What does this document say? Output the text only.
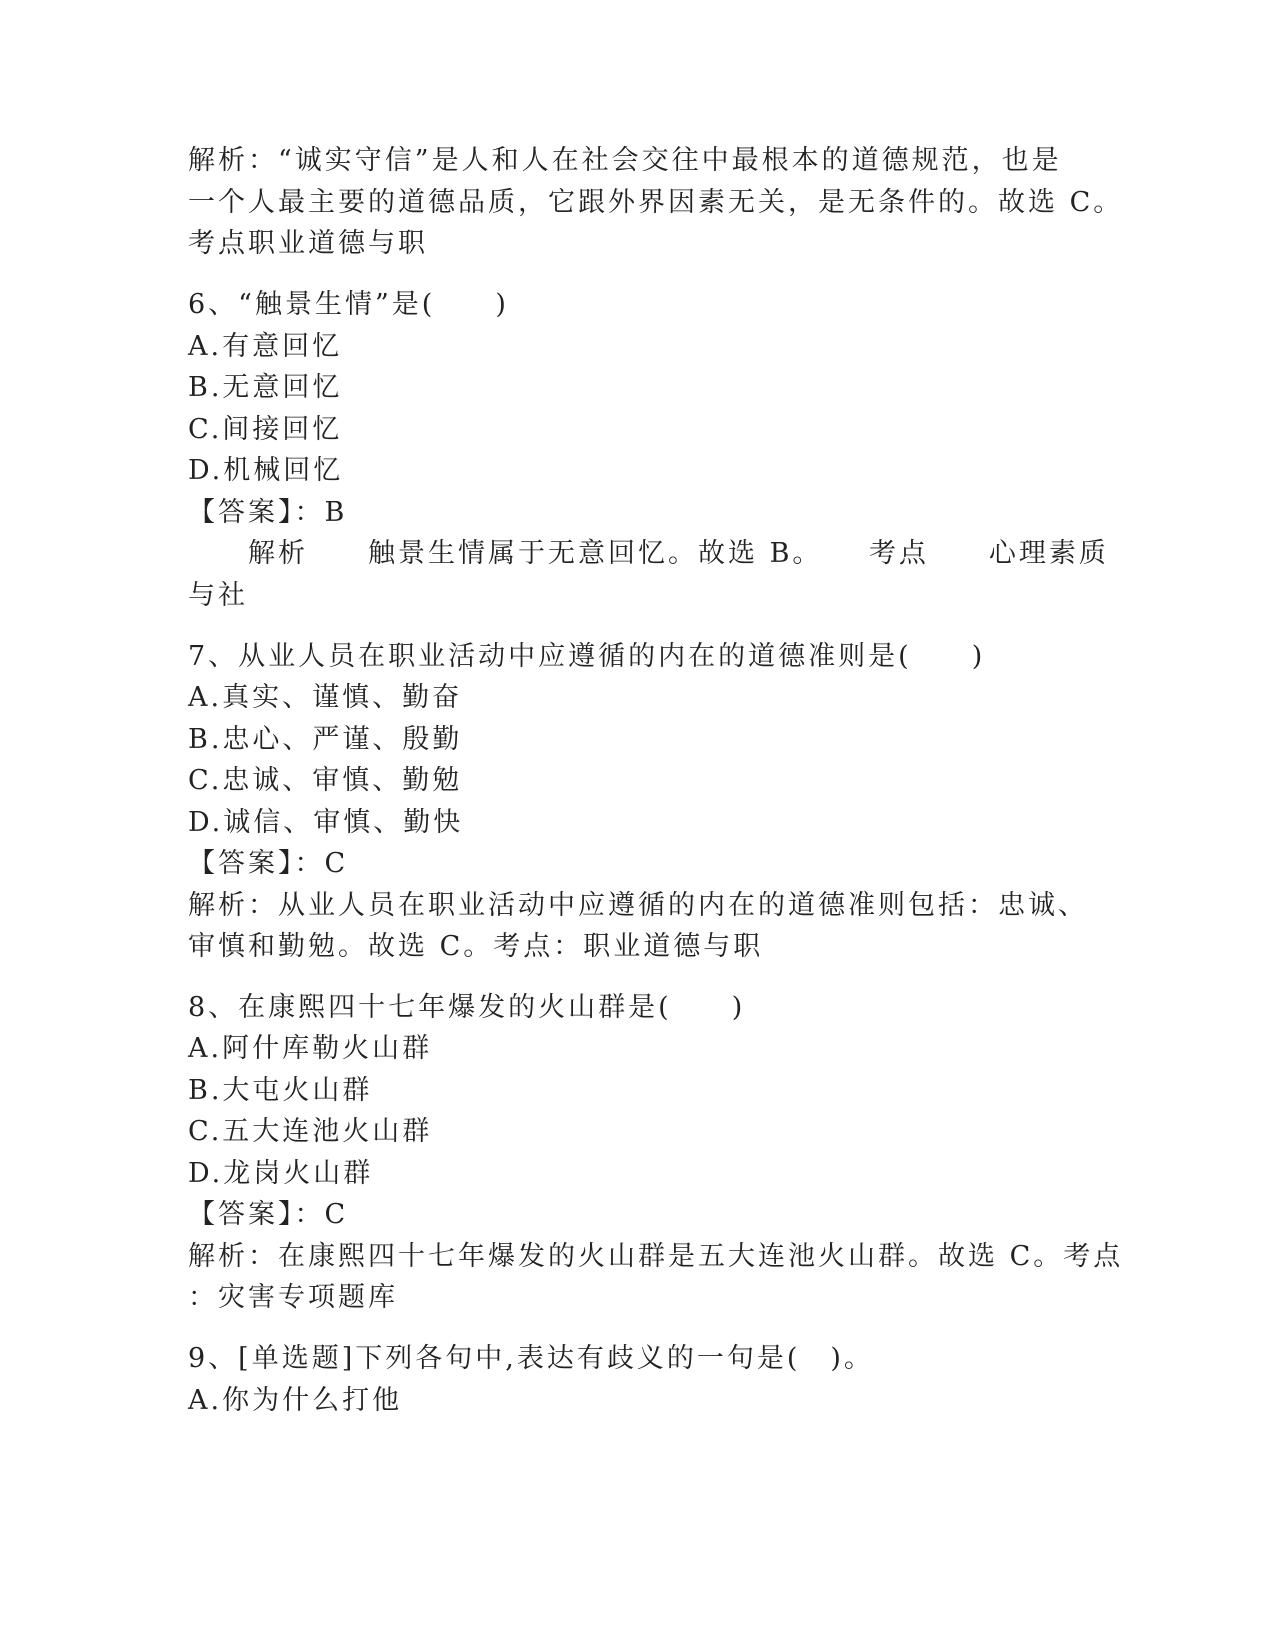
解析：“诚实守信”是人和人在社会交往中最根本的道德规范，也是
一个人最主要的道德品质，它跟外界因素无关，是无条件的。故选 C。
考点职业道德与职
6、“触景生情”是(　　)
A.有意回忆
B.无意回忆
C.间接回忆
D.机械回忆
【答案】：B
　　解析　　触景生情属于无意回忆。故选 B。　　考点　　心理素质
与社
7、从业人员在职业活动中应遵循的内在的道德准则是(　　)
A.真实、谨慎、勤奋
B.忠心、严谨、殷勤
C.忠诚、审慎、勤勉
D.诚信、审慎、勤快
【答案】：C
解析：从业人员在职业活动中应遵循的内在的道德准则包括：忠诚、
审慎和勤勉。故选 C。考点：职业道德与职
8、在康熙四十七年爆发的火山群是(　　)
A.阿什库勒火山群
B.大屯火山群
C.五大连池火山群
D.龙岗火山群
【答案】：C
解析：在康熙四十七年爆发的火山群是五大连池火山群。故选 C。考点
：灾害专项题库
9、[单选题]下列各句中,表达有歧义的一句是(　)。
A.你为什么打他
